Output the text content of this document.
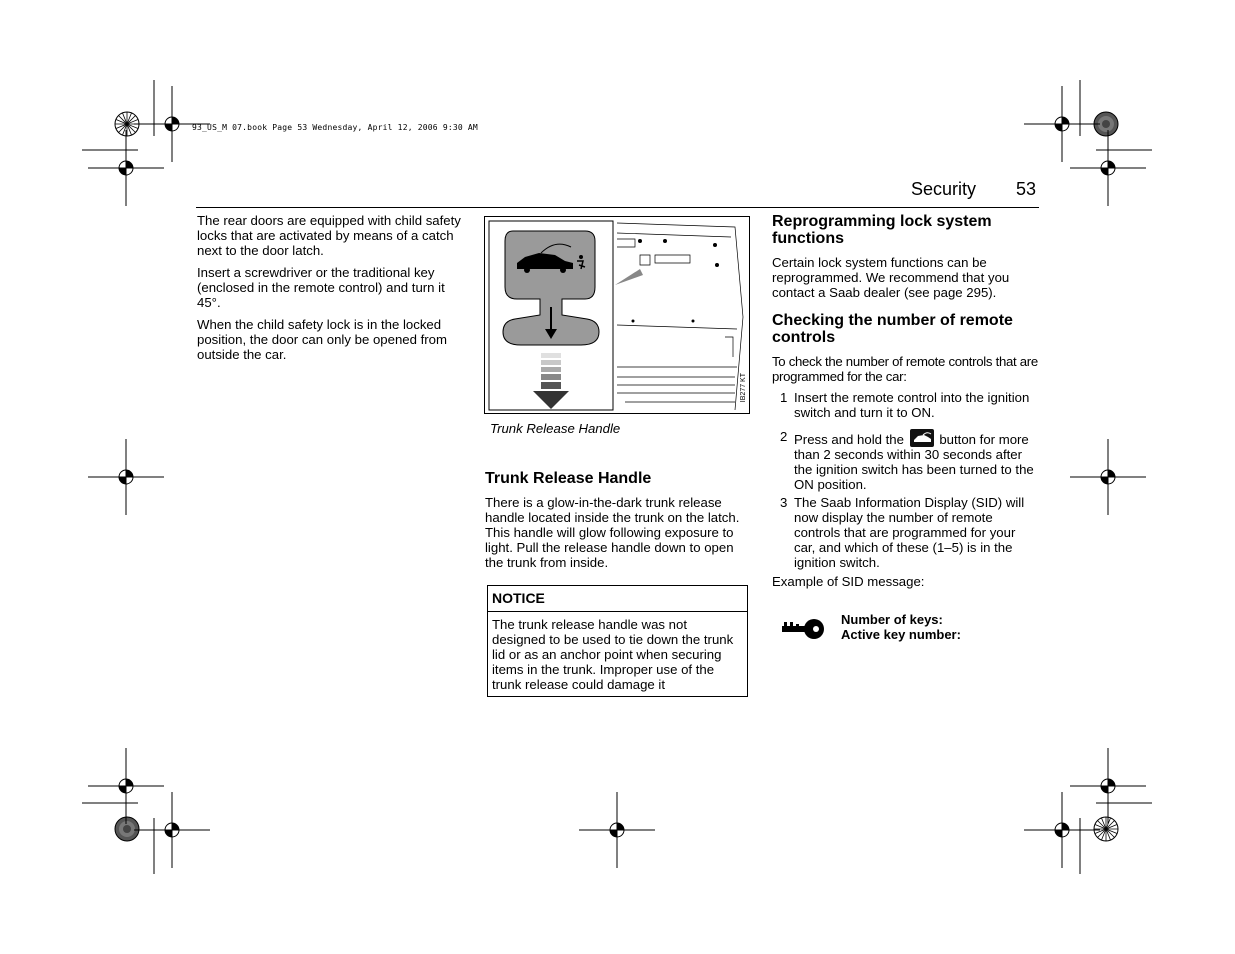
93_US_M 07.book Page 53 Wednesday, April 12, 2006 9:30 AM
Security 53

The rear doors are equipped with child safety locks that are activated by means of a catch next to the door latch.

Insert a screwdriver or the traditional key (enclosed in the remote control) and turn it 45°.

When the child safety lock is in the locked position, the door can only be opened from outside the car.

IB277 KT
Trunk Release Handle
Trunk Release Handle
There is a glow-in-the-dark trunk release handle located inside the trunk on the latch. This handle will glow following exposure to light. Pull the release handle down to open the trunk from inside.
NOTICE
The trunk release handle was not designed to be used to tie down the trunk lid or as an anchor point when securing items in the trunk. Improper use of the trunk release could damage it
Reprogramming lock system functions
Certain lock system functions can be reprogrammed. We recommend that you contact a Saab dealer (see page 295).
Checking the number of remote controls
To check the number of remote controls that are programmed for the car:
1 Insert the remote control into the ignition switch and turn it to ON.
2 Press and hold the	button for more than 2 seconds within 30 seconds after the ignition switch has been turned to the ON position.
3 The Saab Information Display (SID) will now display the number of remote controls that are programmed for your car, and which of these (1–5) is in the ignition switch.
Example of SID message:
Number of keys:
Active key number:
